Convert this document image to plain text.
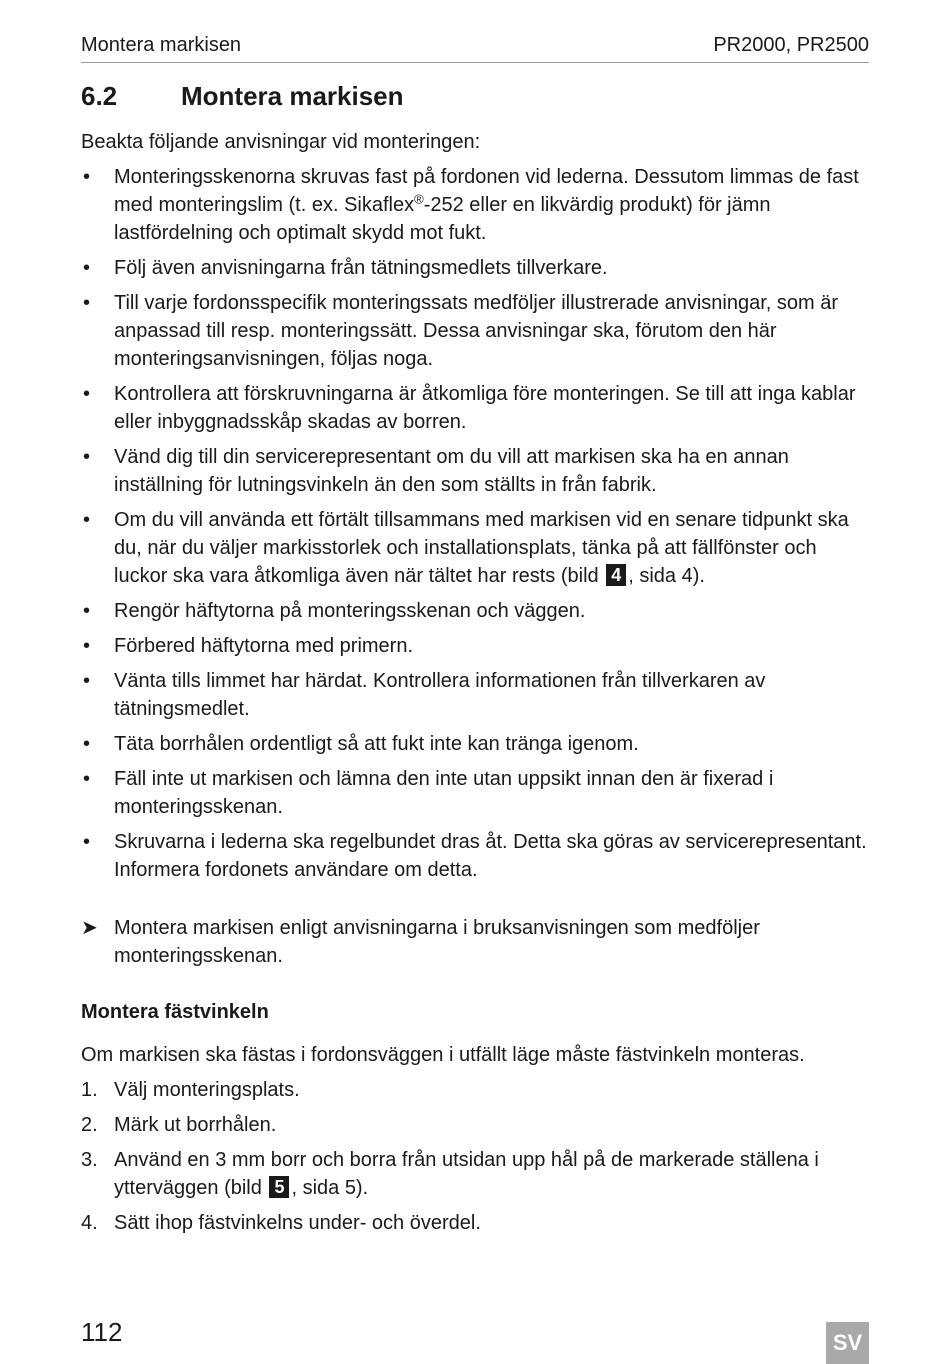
Montera markisen	PR2000, PR2500
6.2 Montera markisen

Beakta följande anvisningar vid monteringen:

• Monteringsskenorna skruvas fast på fordonen vid lederna. Dessutom limmas de fast med monteringslim (t. ex. Sikaflex®-252 eller en likvärdig produkt) för jämn lastfördelning och optimalt skydd mot fukt.
• Följ även anvisningarna från tätningsmedlets tillverkare.
• Till varje fordonsspecifik monteringssats medföljer illustrerade anvisningar, som är anpassad till resp. monteringssätt. Dessa anvisningar ska, förutom den här monteringsanvisningen, följas noga.
• Kontrollera att förskruvningarna är åtkomliga före monteringen. Se till att inga kablar eller inbyggnadsskåp skadas av borren.
• Vänd dig till din servicerepresentant om du vill att markisen ska ha en annan inställning för lutningsvinkeln än den som ställts in från fabrik.
• Om du vill använda ett förtält tillsammans med markisen vid en senare tidpunkt ska du, när du väljer markisstorlek och installationsplats, tänka på att fällfönster och luckor ska vara åtkomliga även när tältet har rests (bild 4 , sida 4).
• Rengör häftytorna på monteringsskenan och väggen.
• Förbered häftytorna med primern.
• Vänta tills limmet har härdat. Kontrollera informationen från tillverkaren av tätningsmedlet.
• Täta borrhålen ordentligt så att fukt inte kan tränga igenom.
• Fäll inte ut markisen och lämna den inte utan uppsikt innan den är fixerad i monteringsskenan.
• Skruvarna i lederna ska regelbundet dras åt. Detta ska göras av servicerepresentant. Informera fordonets användare om detta.
➤ Montera markisen enligt anvisningarna i bruksanvisningen som medföljer monteringsskenan.

Montera fästvinkeln

Om markisen ska fästas i fordonsväggen i utfällt läge måste fästvinkeln monteras.

1. Välj monteringsplats.
2. Märk ut borrhålen.
3. Använd en 3 mm borr och borra från utsidan upp hål på de markerade ställena i ytterväggen (bild 5 , sida 5).
4. Sätt ihop fästvinkelns under- och överdel.
112	SV
